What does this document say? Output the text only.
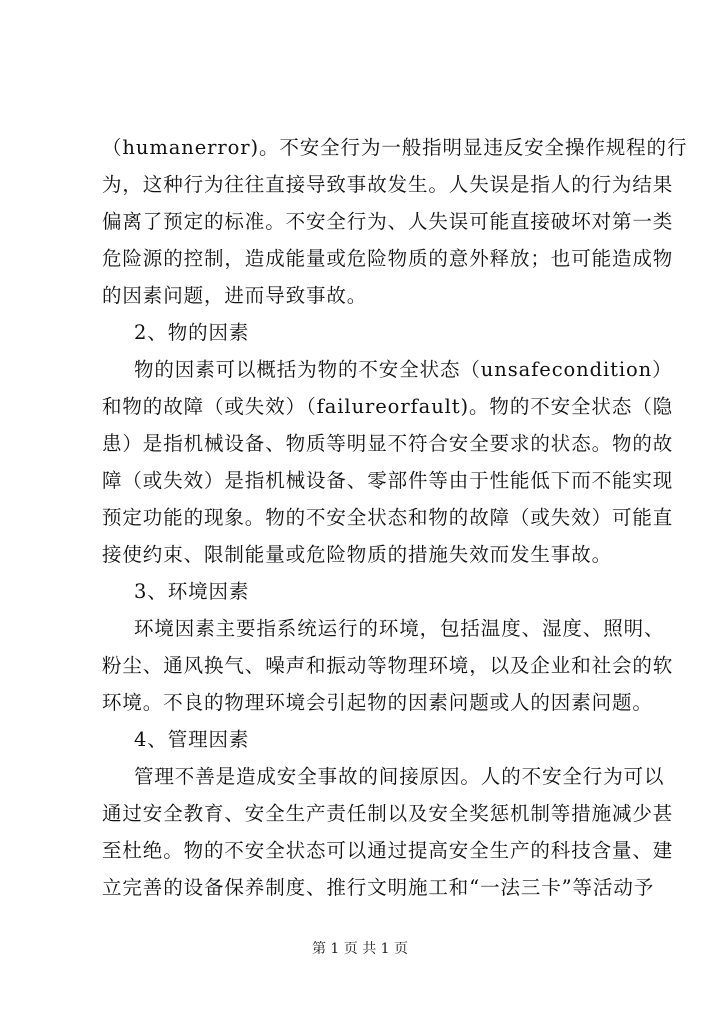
（humanerror)。不安全行为一般指明显违反安全操作规程的行
为，这种行为往往直接导致事故发生。人失误是指人的行为结果
偏离了预定的标准。不安全行为、人失误可能直接破坏对第一类
危险源的控制，造成能量或危险物质的意外释放；也可能造成物
的因素问题，进而导致事故。
2、物的因素
物的因素可以概括为物的不安全状态（unsafecondition）
和物的故障（或失效）（failureorfault)。物的不安全状态（隐
患）是指机械设备、物质等明显不符合安全要求的状态。物的故
障（或失效）是指机械设备、零部件等由于性能低下而不能实现
预定功能的现象。物的不安全状态和物的故障（或失效）可能直
接使约束、限制能量或危险物质的措施失效而发生事故。
3、环境因素
环境因素主要指系统运行的环境，包括温度、湿度、照明、
粉尘、通风换气、噪声和振动等物理环境，以及企业和社会的软
环境。不良的物理环境会引起物的因素问题或人的因素问题。
4、管理因素
管理不善是造成安全事故的间接原因。人的不安全行为可以
通过安全教育、安全生产责任制以及安全奖惩机制等措施减少甚
至杜绝。物的不安全状态可以通过提高安全生产的科技含量、建
立完善的设备保养制度、推行文明施工和“一法三卡”等活动予
第 1 页 共 1 页
